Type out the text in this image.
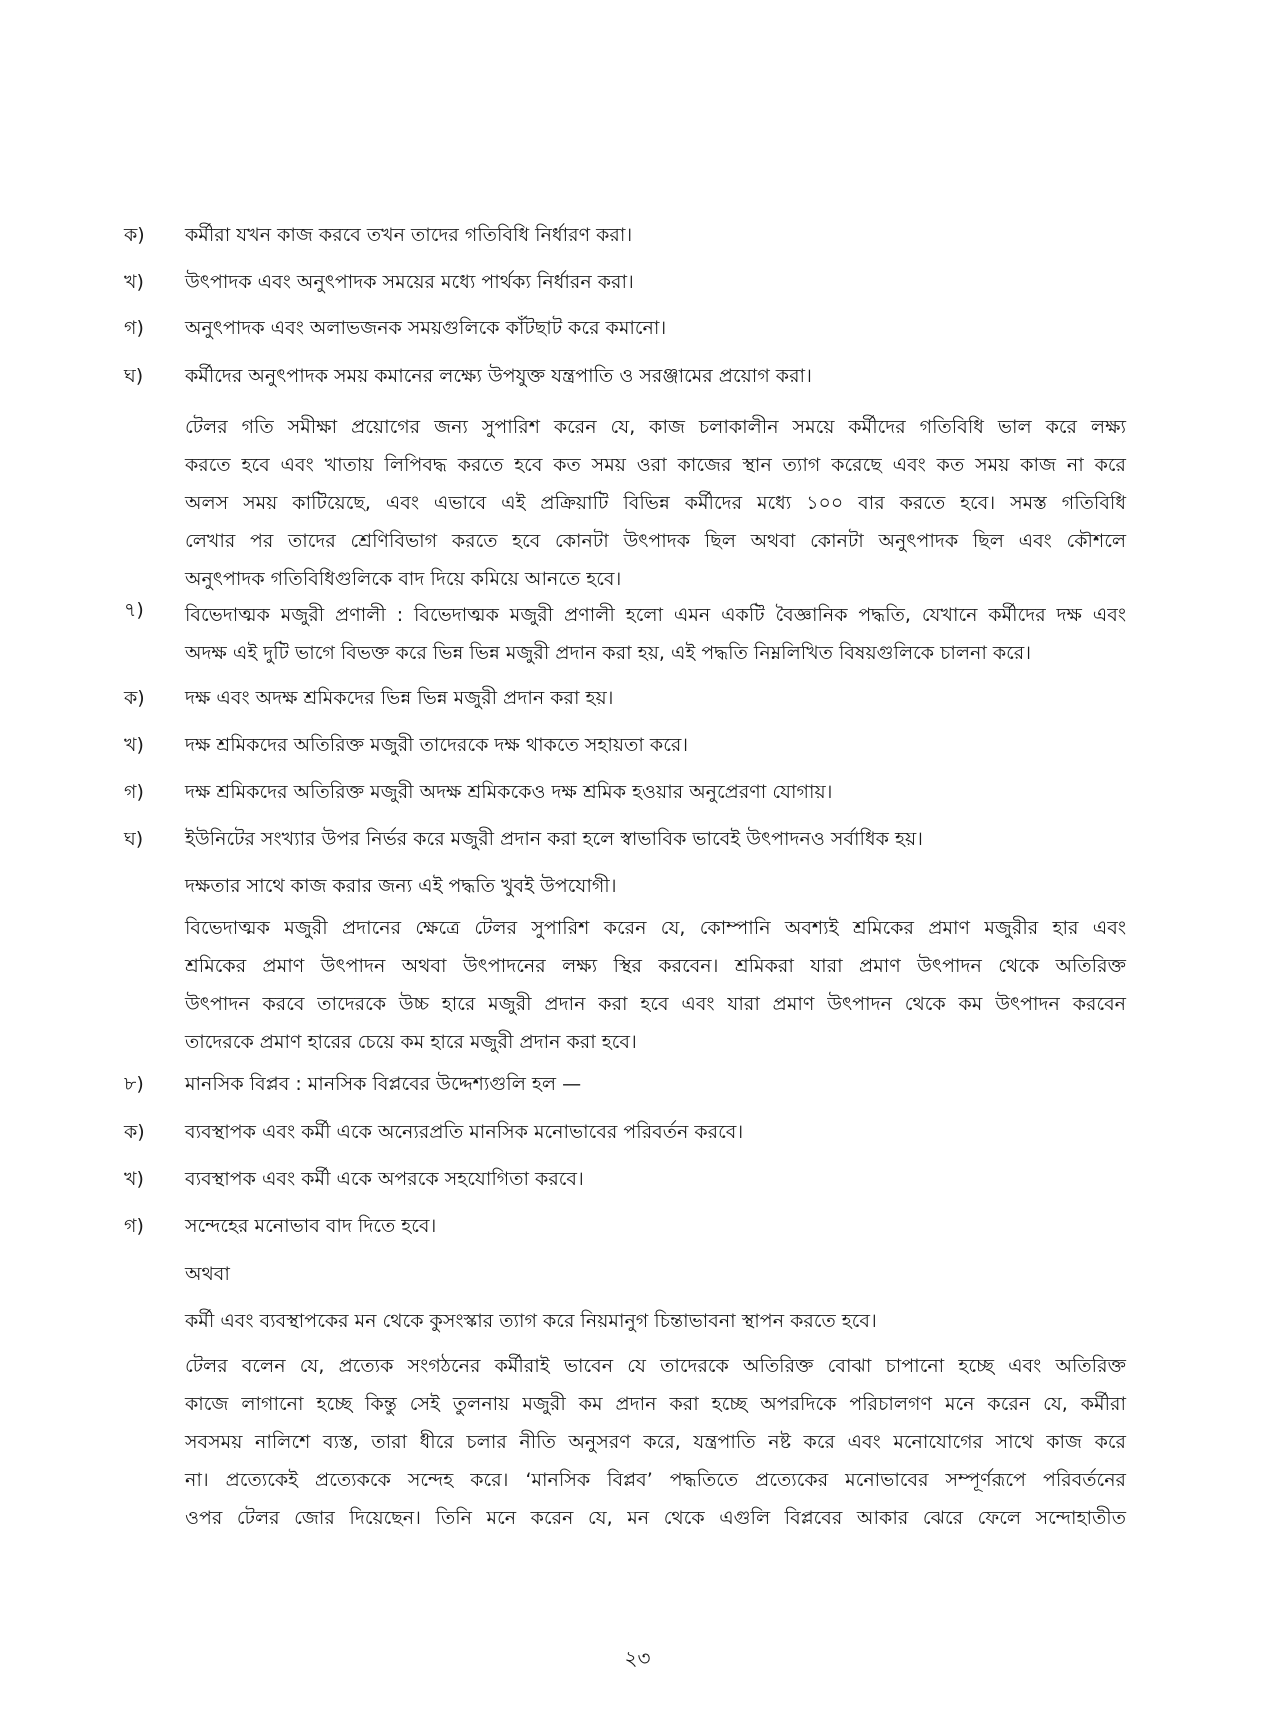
ক)	কর্মীরা যখন কাজ করবে তখন তাদের গতিবিধি নির্ধারণ করা।
খ)	উৎপাদক এবং অনুৎপাদক সময়ের মধ্যে পার্থক্য নির্ধারন করা।
গ)	অনুৎপাদক এবং অলাভজনক সময়গুলিকে কাঁটছাট করে কমানো।
ঘ)	কর্মীদের অনুৎপাদক সময় কমানের লক্ষ্যে উপযুক্ত যন্ত্রপাতি ও সরঞ্জামের প্রয়োগ করা।
টেলর গতি সমীক্ষা প্রয়োগের জন্য সুপারিশ করেন যে, কাজ চলাকালীন সময়ে কর্মীদের গতিবিধি ভাল করে লক্ষ্য
করতে হবে এবং খাতায় লিপিবদ্ধ করতে হবে কত সময় ওরা কাজের স্থান ত্যাগ করেছে এবং কত সময় কাজ না করে
অলস সময় কাটিয়েছে, এবং এভাবে এই প্রক্রিয়াটি বিভিন্ন কর্মীদের মধ্যে ১০০ বার করতে হবে। সমস্ত গতিবিধি
লেখার পর তাদের শ্রেণিবিভাগ করতে হবে কোনটা উৎপাদক ছিল অথবা কোনটা অনুৎপাদক ছিল এবং কৌশলে
অনুৎপাদক গতিবিধিগুলিকে বাদ দিয়ে কমিয়ে আনতে হবে।
৭)	বিভেদাত্মক মজুরী প্রণালী : বিভেদাত্মক মজুরী প্রণালী হলো এমন একটি বৈজ্ঞানিক পদ্ধতি, যেখানে কর্মীদের দক্ষ এবং
অদক্ষ এই দুটি ভাগে বিভক্ত করে ভিন্ন ভিন্ন মজুরী প্রদান করা হয়, এই পদ্ধতি নিম্নলিখিত বিষয়গুলিকে চালনা করে।
ক)	দক্ষ এবং অদক্ষ শ্রমিকদের ভিন্ন ভিন্ন মজুরী প্রদান করা হয়।
খ)	দক্ষ শ্রমিকদের অতিরিক্ত মজুরী তাদেরকে দক্ষ থাকতে সহায়তা করে।
গ)	দক্ষ শ্রমিকদের অতিরিক্ত মজুরী অদক্ষ শ্রমিককেও দক্ষ শ্রমিক হওয়ার অনুপ্রেরণা যোগায়।
ঘ)	ইউনিটের সংখ্যার উপর নির্ভর করে মজুরী প্রদান করা হলে স্বাভাবিক ভাবেই উৎপাদনও সর্বাধিক হয়।
দক্ষতার সাথে কাজ করার জন্য এই পদ্ধতি খুবই উপযোগী।
বিভেদাত্মক মজুরী প্রদানের ক্ষেত্রে টেলর সুপারিশ করেন যে, কোম্পানি অবশ্যই শ্রমিকের প্রমাণ মজুরীর হার এবং
শ্রমিকের প্রমাণ উৎপাদন অথবা উৎপাদনের লক্ষ্য স্থির করবেন। শ্রমিকরা যারা প্রমাণ উৎপাদন থেকে অতিরিক্ত
উৎপাদন করবে তাদেরকে উচ্চ হারে মজুরী প্রদান করা হবে এবং যারা প্রমাণ উৎপাদন থেকে কম উৎপাদন করবেন
তাদেরকে প্রমাণ হারের চেয়ে কম হারে মজুরী প্রদান করা হবে।
৮)	মানসিক বিপ্লব : মানসিক বিপ্লবের উদ্দেশ্যগুলি হল —
ক)	ব্যবস্থাপক এবং কর্মী একে অন্যেরপ্রতি মানসিক মনোভাবের পরিবর্তন করবে।
খ)	ব্যবস্থাপক এবং কর্মী একে অপরকে সহযোগিতা করবে।
গ)	সন্দেহের মনোভাব বাদ দিতে হবে।
অথবা
কর্মী এবং ব্যবস্থাপকের মন থেকে কুসংস্কার ত্যাগ করে নিয়মানুগ চিন্তাভাবনা স্থাপন করতে হবে।
টেলর বলেন যে, প্রত্যেক সংগঠনের কর্মীরাই ভাবেন যে তাদেরকে অতিরিক্ত বোঝা চাপানো হচ্ছে এবং অতিরিক্ত
কাজে লাগানো হচ্ছে কিন্তু সেই তুলনায় মজুরী কম প্রদান করা হচ্ছে অপরদিকে পরিচালগণ মনে করেন যে, কর্মীরা
সবসময় নালিশে ব্যস্ত, তারা ধীরে চলার নীতি অনুসরণ করে, যন্ত্রপাতি নষ্ট করে এবং মনোযোগের সাথে কাজ করে
না। প্রত্যেকেই প্রত্যেককে সন্দেহ করে। ‘মানসিক বিপ্লব’ পদ্ধতিতে প্রত্যেকের মনোভাবের সম্পূর্ণরূপে পরিবর্তনের
ওপর টেলর জোর দিয়েছেন। তিনি মনে করেন যে, মন থেকে এগুলি বিপ্লবের আকার ঝেরে ফেলে সন্দোহাতীত
২৩
